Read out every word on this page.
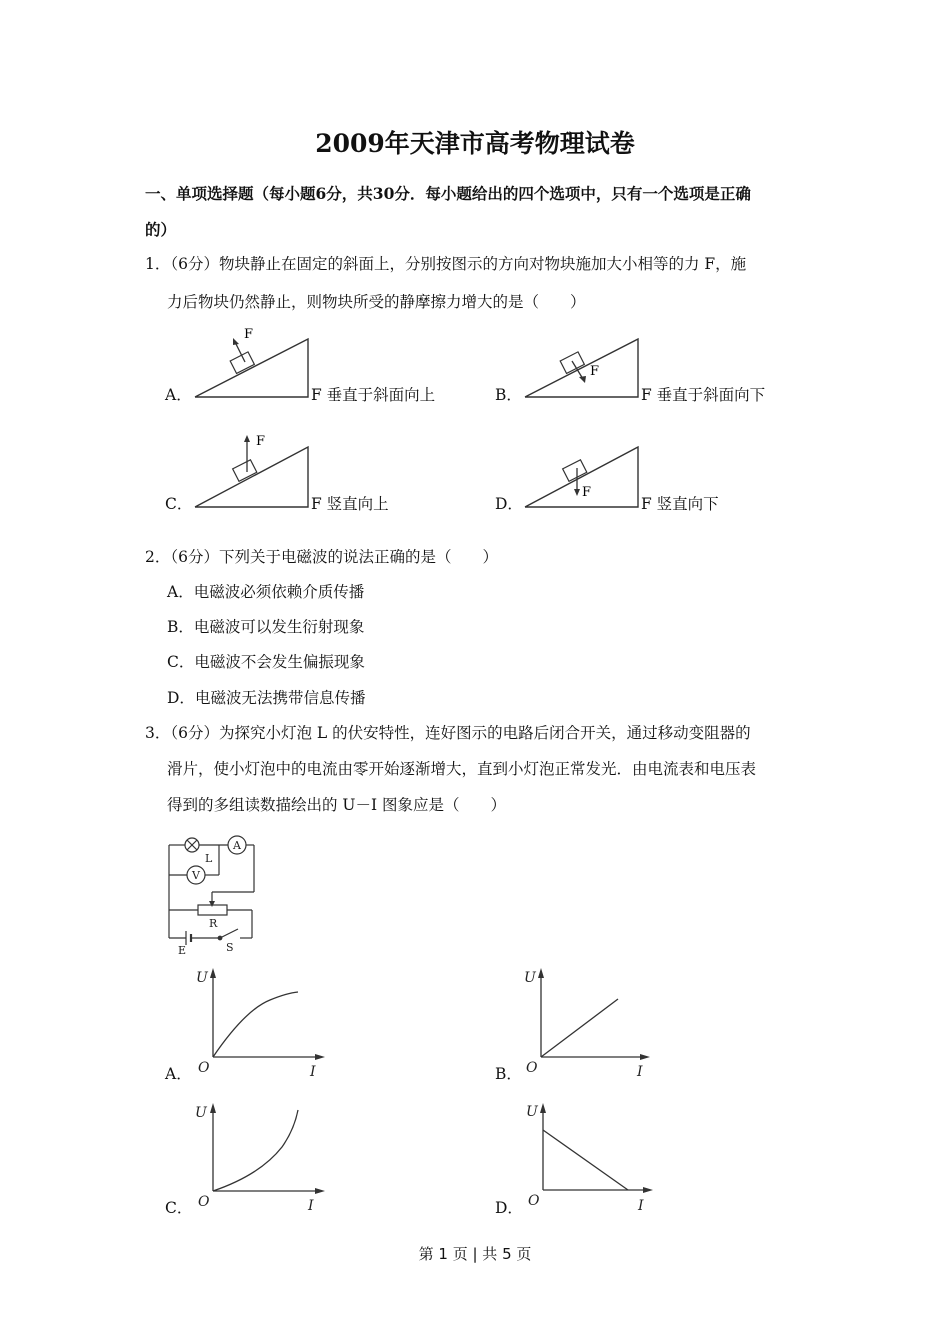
2009年天津市高考物理试卷
一、单项选择题（每小题6分，共30分．每小题给出的四个选项中，只有一个选项是正确
的）
1．（6分）物块静止在固定的斜面上，分别按图示的方向对物块施加大小相等的力 F，施
力后物块仍然静止，则物块所受的静摩擦力增大的是（　　）
A．
F
F 垂直于斜面向上	B．
F
F 垂直于斜面向下
C．
F
F 竖直向上	D．
F
F 竖直向下
2．（6分）下列关于电磁波的说法正确的是（　　）
A．电磁波必须依赖介质传播
B．电磁波可以发生衍射现象
C．电磁波不会发生偏振现象
D．电磁波无法携带信息传播
3．（6分）为探究小灯泡 L 的伏安特性，连好图示的电路后闭合开关，通过移动变阻器的
滑片，使小灯泡中的电流由零开始逐渐增大，直到小灯泡正常发光．由电流表和电压表
得到的多组读数描绘出的 U－I 图象应是（　　）
L
A
V
R
E	S
A．
U
O	I	B．
U
O	I
C．
U
O	I	D．
U
O	I
第 1 页 | 共 5 页
